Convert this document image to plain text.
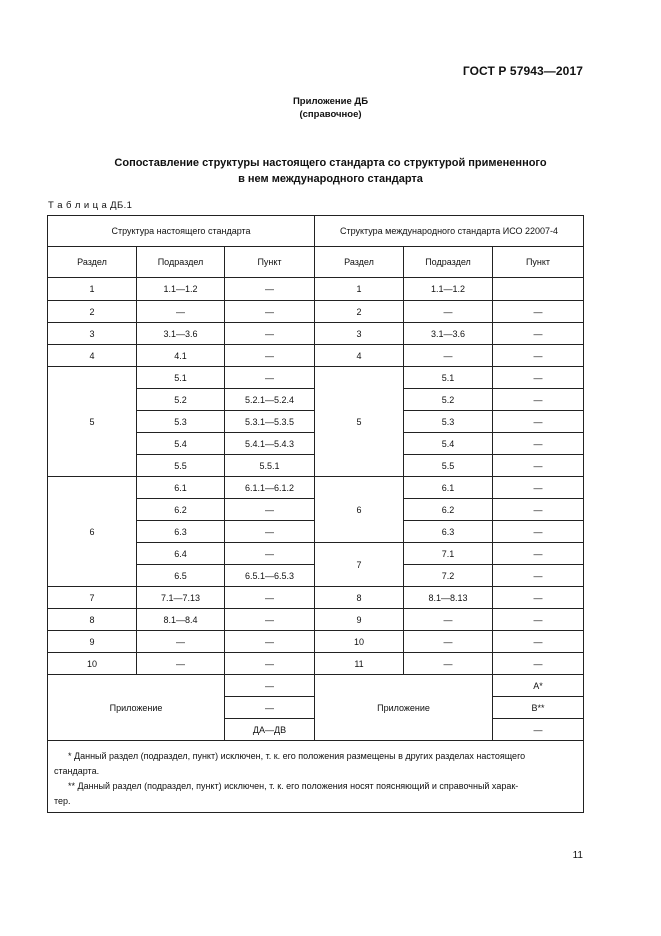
ГОСТ Р 57943—2017
Приложение ДБ
(справочное)
Сопоставление структуры настоящего стандарта со структурой примененного
в нем международного стандарта
Т а б л и ц а ДБ.1
Структура настоящего стандарта			Структура международного стандарта ИСО 22007-4		
Раздел	Подраздел	Пункт	Раздел	Подраздел	Пункт
1	1.1—1.2	—	1	1.1—1.2	
2	—	—	2	—	—
3	3.1—3.6	—	3	3.1—3.6	—
4	4.1	—	4	—	—
5	5.1	—	5	5.1	—
	5.2	5.2.1—5.2.4		5.2	—
	5.3	5.3.1—5.3.5		5.3	—
	5.4	5.4.1—5.4.3		5.4	—
	5.5	5.5.1		5.5	—
6	6.1	6.1.1—6.1.2	6	6.1	—
	6.2	—		6.2	—
	6.3	—		6.3	—
	6.4	—	7	7.1	—
	6.5	6.5.1—6.5.3		7.2	—
7	7.1—7.13	—	8	8.1—8.13	—
8	8.1—8.4	—	9	—	—
9	—	—	10	—	—
10	—	—	11	—	—
Приложение		—	Приложение		А*
		—			В**
		ДА—ДВ			—

* Данный раздел (подраздел, пункт) исключен, т. к. его положения размещены в других разделах настоящего
стандарта.
** Данный раздел (подраздел, пункт) исключен, т. к. его положения носят поясняющий и справочный харак-
тер.					
11
